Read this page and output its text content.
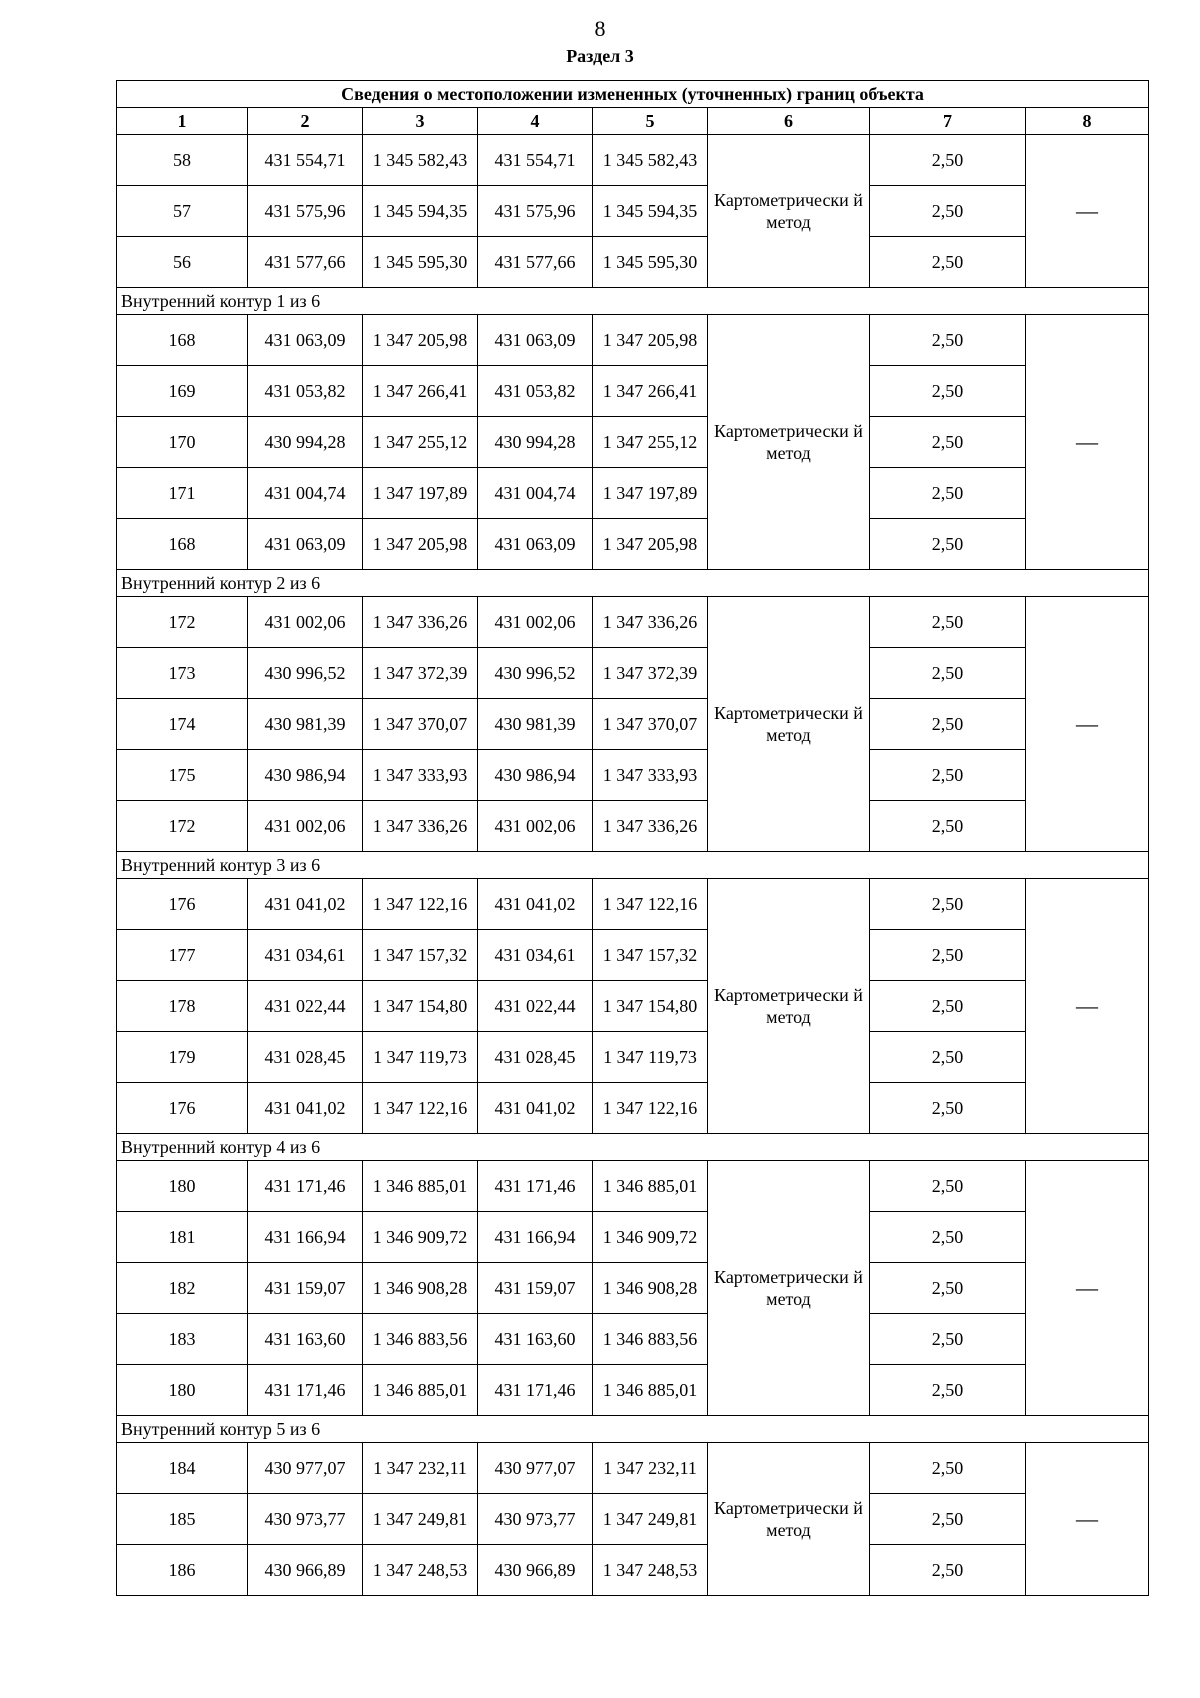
8
Раздел 3
Сведения о местоположении измененных (уточненных) границ объекта							
1	2	3	4	5	6	7	8
58	431 554,71	1 345 582,43	431 554,71	1 345 582,43	Картометрически й метод	2,50	—
57	431 575,96	1 345 594,35	431 575,96	1 345 594,35		2,50	
56	431 577,66	1 345 595,30	431 577,66	1 345 595,30		2,50	
Внутренний контур 1 из 6							
168	431 063,09	1 347 205,98	431 063,09	1 347 205,98	Картометрически й метод	2,50	—
169	431 053,82	1 347 266,41	431 053,82	1 347 266,41		2,50	
170	430 994,28	1 347 255,12	430 994,28	1 347 255,12		2,50	
171	431 004,74	1 347 197,89	431 004,74	1 347 197,89		2,50	
168	431 063,09	1 347 205,98	431 063,09	1 347 205,98		2,50	
Внутренний контур 2 из 6							
172	431 002,06	1 347 336,26	431 002,06	1 347 336,26	Картометрически й метод	2,50	—
173	430 996,52	1 347 372,39	430 996,52	1 347 372,39		2,50	
174	430 981,39	1 347 370,07	430 981,39	1 347 370,07		2,50	
175	430 986,94	1 347 333,93	430 986,94	1 347 333,93		2,50	
172	431 002,06	1 347 336,26	431 002,06	1 347 336,26		2,50	
Внутренний контур 3 из 6							
176	431 041,02	1 347 122,16	431 041,02	1 347 122,16	Картометрически й метод	2,50	—
177	431 034,61	1 347 157,32	431 034,61	1 347 157,32		2,50	
178	431 022,44	1 347 154,80	431 022,44	1 347 154,80		2,50	
179	431 028,45	1 347 119,73	431 028,45	1 347 119,73		2,50	
176	431 041,02	1 347 122,16	431 041,02	1 347 122,16		2,50	
Внутренний контур 4 из 6							
180	431 171,46	1 346 885,01	431 171,46	1 346 885,01	Картометрически й метод	2,50	—
181	431 166,94	1 346 909,72	431 166,94	1 346 909,72		2,50	
182	431 159,07	1 346 908,28	431 159,07	1 346 908,28		2,50	
183	431 163,60	1 346 883,56	431 163,60	1 346 883,56		2,50	
180	431 171,46	1 346 885,01	431 171,46	1 346 885,01		2,50	
Внутренний контур 5 из 6							
184	430 977,07	1 347 232,11	430 977,07	1 347 232,11	Картометрически й метод	2,50	—
185	430 973,77	1 347 249,81	430 973,77	1 347 249,81		2,50	
186	430 966,89	1 347 248,53	430 966,89	1 347 248,53		2,50	
